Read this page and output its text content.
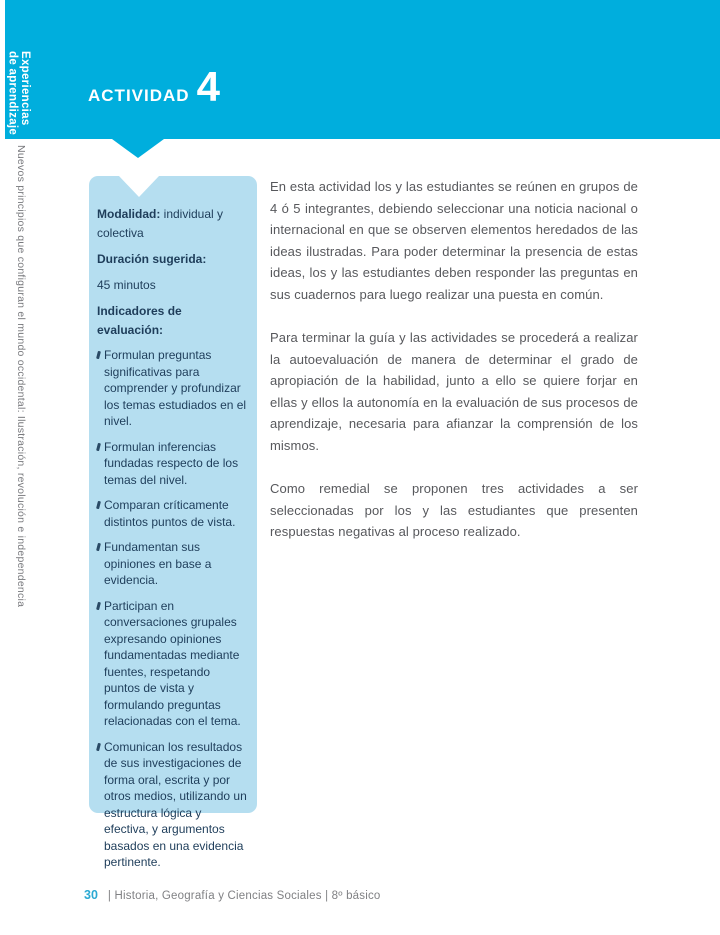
ACTIVIDAD 4
Experiencias
de aprendizaje
Nuevos principios que configuran el mundo occidental: Ilustración, revolución e independencia	Modalidad: individual y colectiva

Duración sugerida:

45 minutos

Indicadores de evaluación:

Formulan preguntas significativas para comprender y profundizar los temas estudiados en el nivel.
Formulan inferencias fundadas respecto de los temas del nivel.
Comparan críticamente distintos puntos de vista.
Fundamentan sus opiniones en base a evidencia.
Participan en conversaciones grupales expresando opiniones fundamentadas mediante fuentes, respetando puntos de vista y formulando preguntas relacionadas con el tema.
Comunican los resultados de sus investigaciones de forma oral, escrita y por otros medios, utilizando un estructura lógica y efectiva, y argumentos basados en una evidencia pertinente.

En esta actividad los y las estudiantes se reúnen en grupos de 4 ó 5 integrantes, debiendo seleccionar una noticia nacional o internacional en que se observen elementos heredados de las ideas ilustradas. Para poder determinar la presencia de estas ideas, los y las estudiantes deben responder las preguntas en sus cuadernos para luego realizar una puesta en común.

Para terminar la guía y las actividades se procederá a realizar la autoevaluación de manera de determinar el grado de apropiación de la habilidad, junto a ello se quiere forjar en ellas y ellos la autonomía en la evaluación de sus procesos de aprendizaje, necesaria para afianzar la comprensión de los mismos.

Como remedial se proponen tres actividades a ser seleccionadas por los y las estudiantes que presenten respuestas negativas al proceso realizado.

30 | Historia, Geografía y Ciencias Sociales | 8º básico
